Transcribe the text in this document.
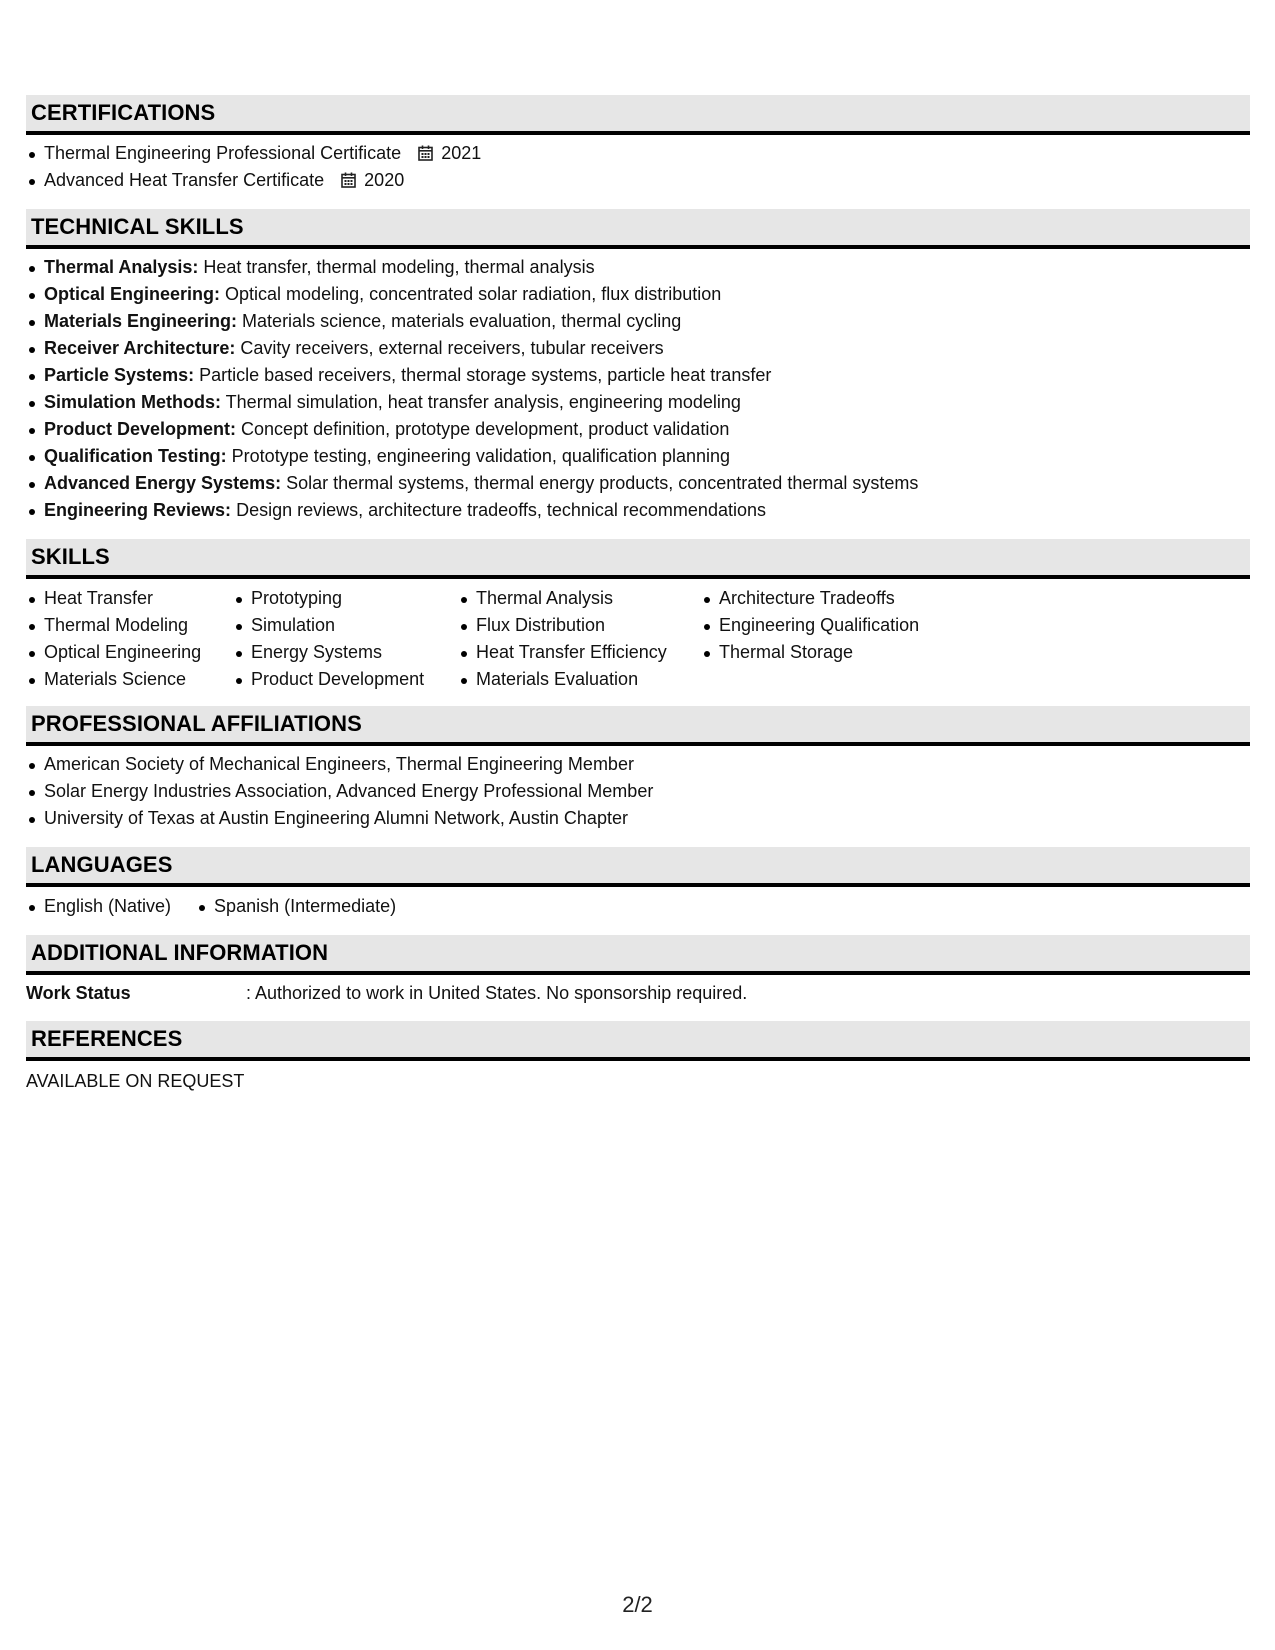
CERTIFICATIONS
Thermal Engineering Professional Certificate 2021
Advanced Heat Transfer Certificate 2020
TECHNICAL SKILLS
Thermal Analysis: Heat transfer, thermal modeling, thermal analysis
Optical Engineering: Optical modeling, concentrated solar radiation, flux distribution
Materials Engineering: Materials science, materials evaluation, thermal cycling
Receiver Architecture: Cavity receivers, external receivers, tubular receivers
Particle Systems: Particle based receivers, thermal storage systems, particle heat transfer
Simulation Methods: Thermal simulation, heat transfer analysis, engineering modeling
Product Development: Concept definition, prototype development, product validation
Qualification Testing: Prototype testing, engineering validation, qualification planning
Advanced Energy Systems: Solar thermal systems, thermal energy products, concentrated thermal systems
Engineering Reviews: Design reviews, architecture tradeoffs, technical recommendations
SKILLS
Heat Transfer
Thermal Modeling
Optical Engineering
Materials Science
Prototyping
Simulation
Energy Systems
Product Development
Thermal Analysis
Flux Distribution
Heat Transfer Efficiency
Materials Evaluation
Architecture Tradeoffs
Engineering Qualification
Thermal Storage
PROFESSIONAL AFFILIATIONS
American Society of Mechanical Engineers, Thermal Engineering Member
Solar Energy Industries Association, Advanced Energy Professional Member
University of Texas at Austin Engineering Alumni Network, Austin Chapter
LANGUAGES
English (Native)	Spanish (Intermediate)
ADDITIONAL INFORMATION
Work Status	: Authorized to work in United States. No sponsorship required.
REFERENCES
AVAILABLE ON REQUEST
2/2
